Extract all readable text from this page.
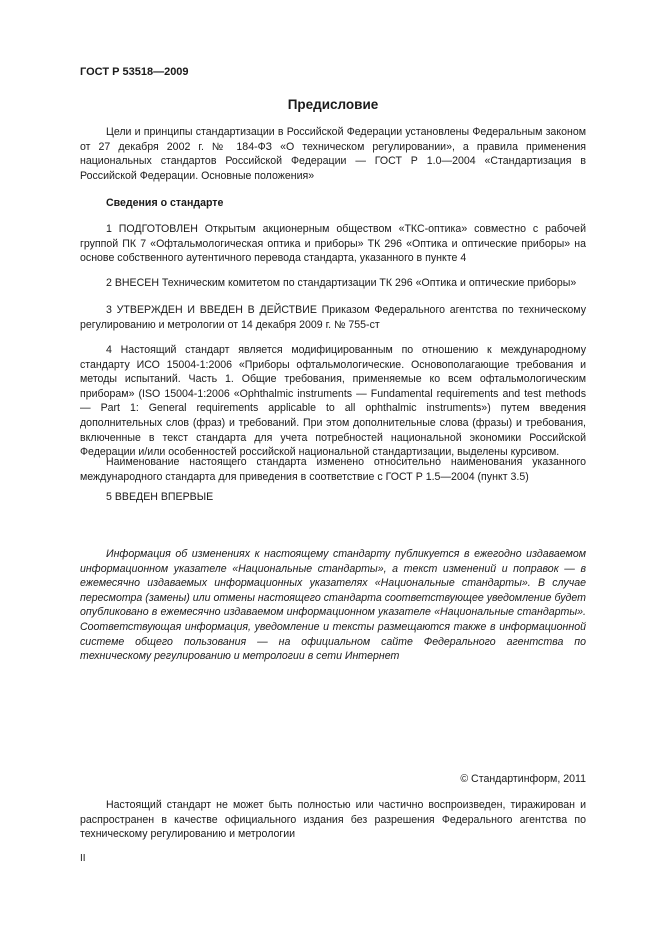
ГОСТ Р 53518—2009

Предисловие

Цели и принципы стандартизации в Российской Федерации установлены Федеральным законом от 27 декабря 2002 г. № 184-ФЗ «О техническом регулировании», а правила применения национальных стандартов Российской Федерации — ГОСТ Р 1.0—2004 «Стандартизация в Российской Федерации. Основные положения»

Сведения о стандарте

1 ПОДГОТОВЛЕН Открытым акционерным обществом «ТКС-оптика» совместно с рабочей группой ПК 7 «Офтальмологическая оптика и приборы» ТК 296 «Оптика и оптические приборы» на основе собственного аутентичного перевода стандарта, указанного в пункте 4

2 ВНЕСЕН Техническим комитетом по стандартизации ТК 296 «Оптика и оптические приборы»

3 УТВЕРЖДЕН И ВВЕДЕН В ДЕЙСТВИЕ Приказом Федерального агентства по техническому регулированию и метрологии от 14 декабря 2009 г. № 755-ст

4 Настоящий стандарт является модифицированным по отношению к международному стандарту ИСО 15004-1:2006 «Приборы офтальмологические. Основополагающие требования и методы испытаний. Часть 1. Общие требования, применяемые ко всем офтальмологическим приборам» (ISO 15004-1:2006 «Ophthalmic instruments — Fundamental requirements and test methods — Part 1: General requirements applicable to all ophthalmic instruments») путем введения дополнительных слов (фраз) и требований. При этом дополнительные слова (фразы) и требования, включенные в текст стандарта для учета потребностей национальной экономики Российской Федерации и/или особенностей российской национальной стандартизации, выделены курсивом.

Наименование настоящего стандарта изменено относительно наименования указанного международного стандарта для приведения в соответствие с ГОСТ Р 1.5—2004 (пункт 3.5)

5 ВВЕДЕН ВПЕРВЫЕ

Информация об изменениях к настоящему стандарту публикуется в ежегодно издаваемом информационном указателе «Национальные стандарты», а текст изменений и поправок — в ежемесячно издаваемых информационных указателях «Национальные стандарты». В случае пересмотра (замены) или отмены настоящего стандарта соответствующее уведомление будет опубликовано в ежемесячно издаваемом информационном указателе «Национальные стандарты». Соответствующая информация, уведомление и тексты размещаются также в информационной системе общего пользования — на официальном сайте Федерального агентства по техническому регулированию и метрологии в сети Интернет

© Стандартинформ, 2011

Настоящий стандарт не может быть полностью или частично воспроизведен, тиражирован и распространен в качестве официального издания без разрешения Федерального агентства по техническому регулированию и метрологии

II
